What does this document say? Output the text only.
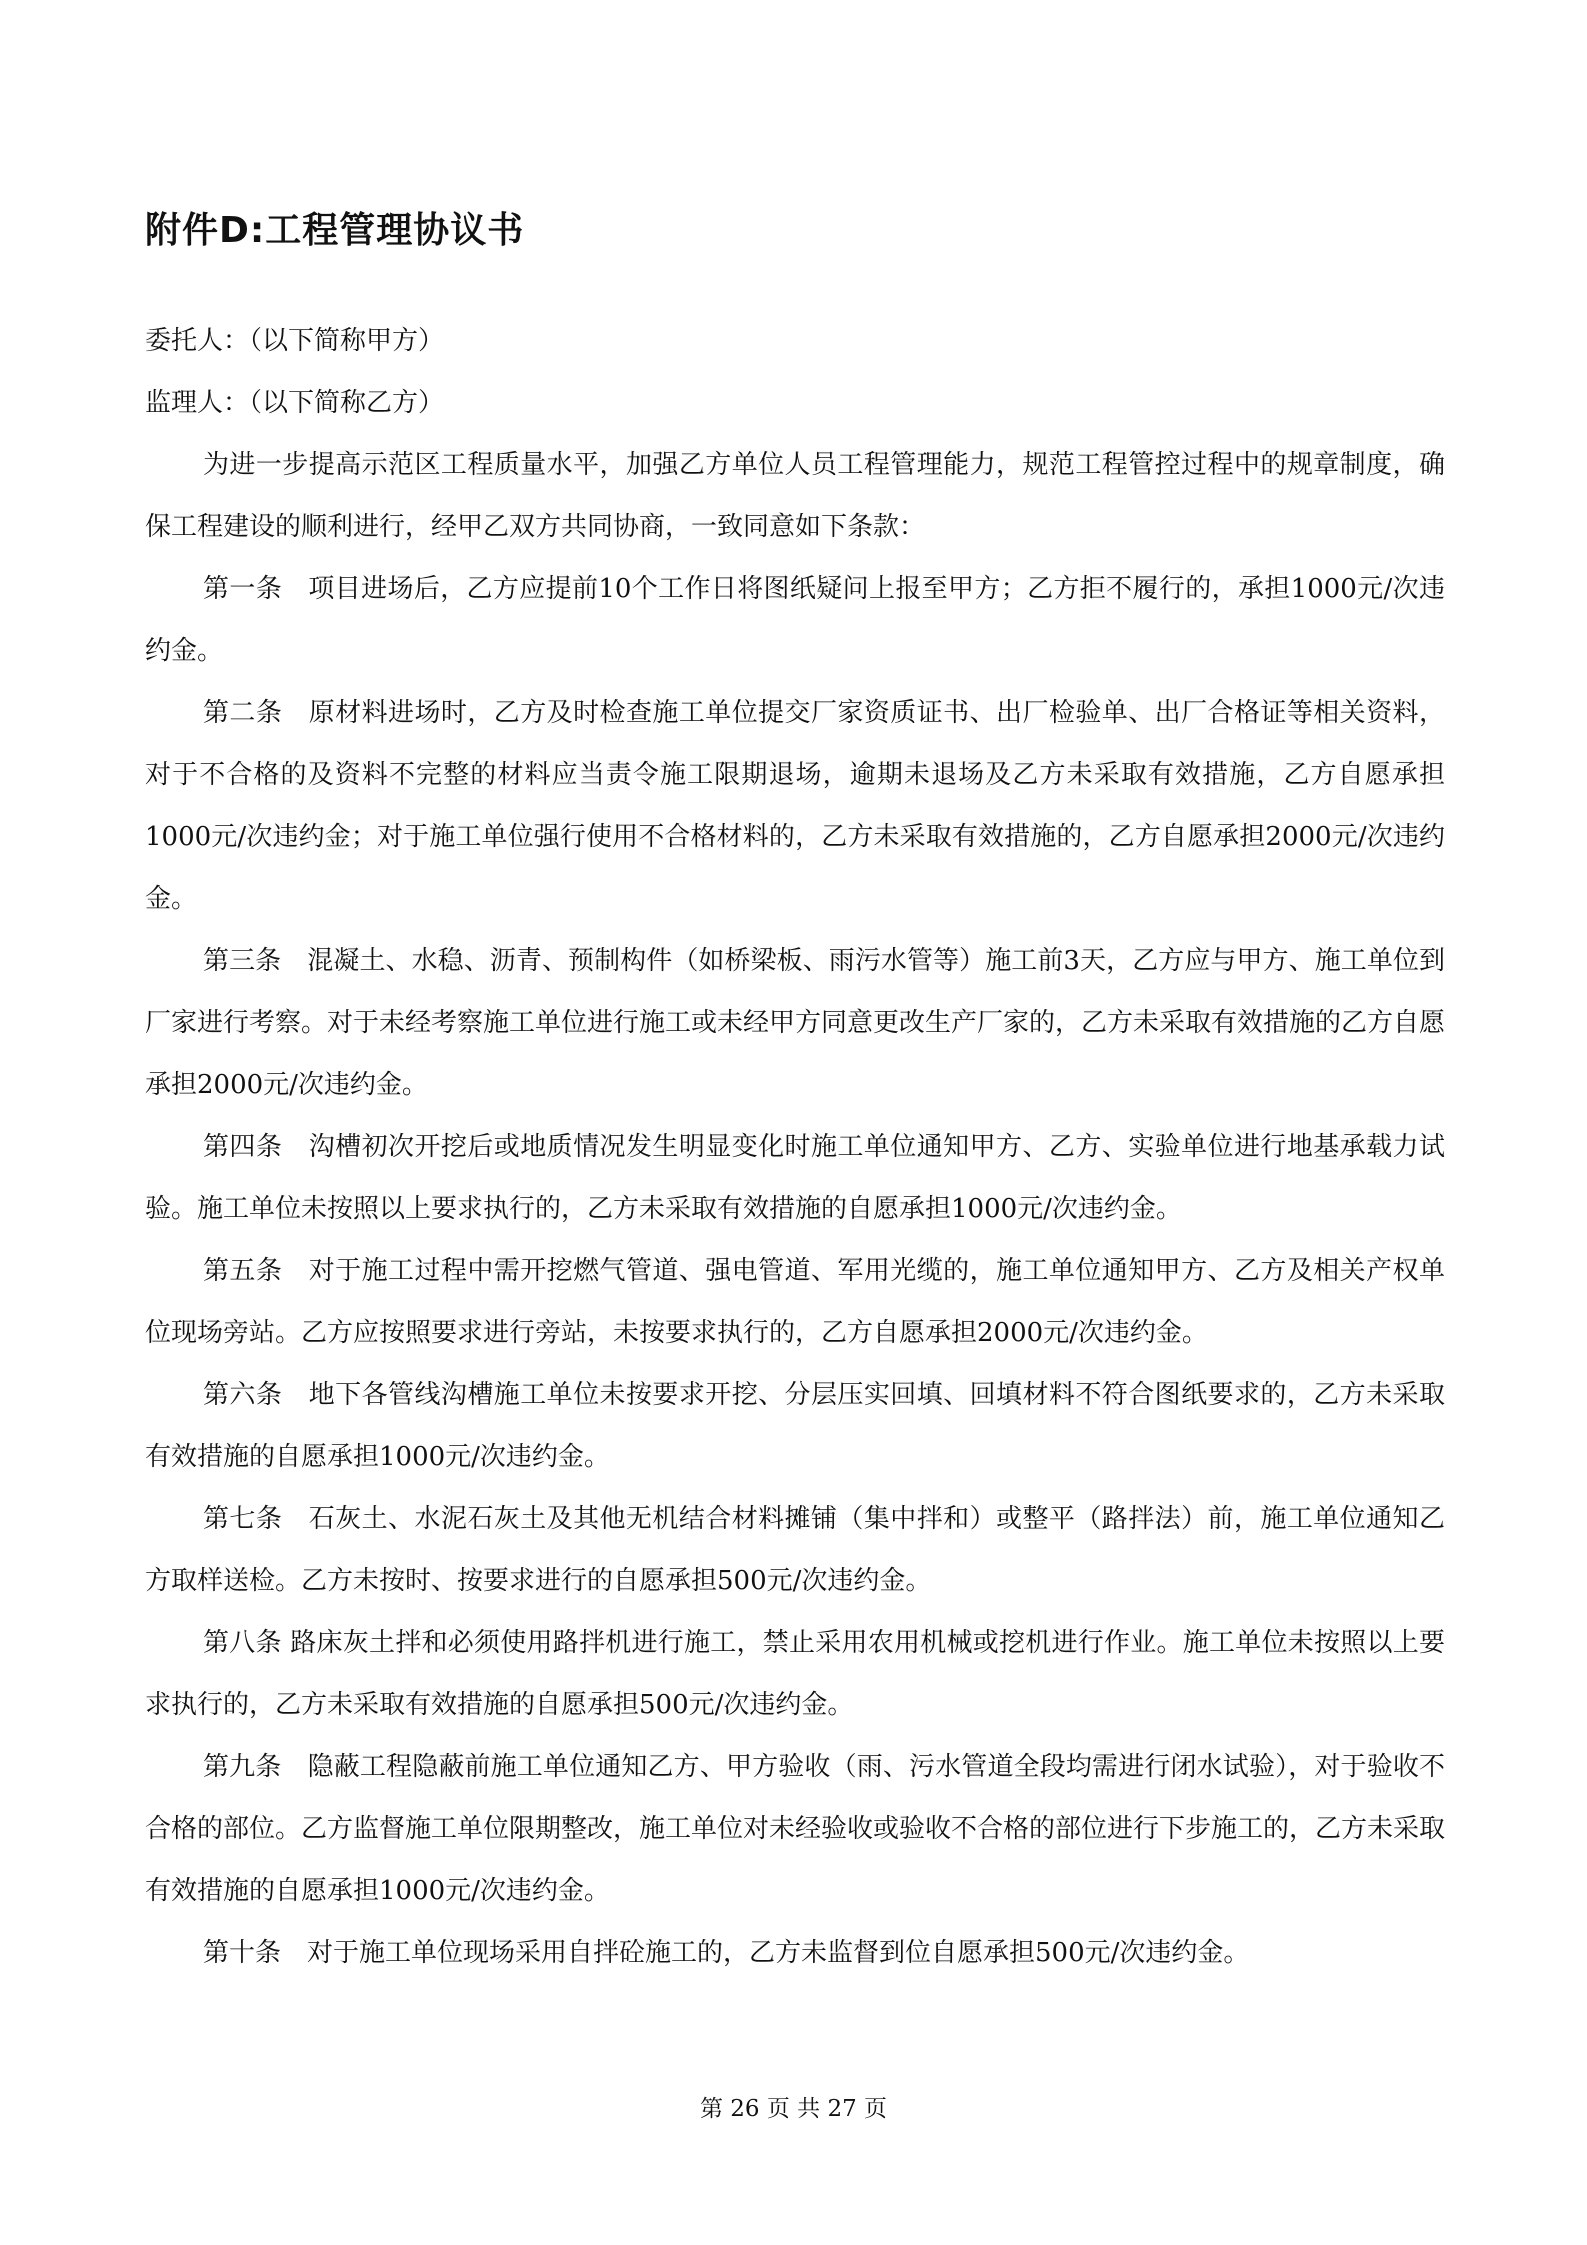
附件D:工程管理协议书

委托人：（以下简称甲方）

监理人：（以下简称乙方）

为进一步提高示范区工程质量水平，加强乙方单位人员工程管理能力，规范工程管控过程中的规章制度，确保工程建设的顺利进行，经甲乙双方共同协商，一致同意如下条款：

第一条　项目进场后，乙方应提前10个工作日将图纸疑问上报至甲方；乙方拒不履行的，承担1000元/次违约金。

第二条　原材料进场时，乙方及时检查施工单位提交厂家资质证书、出厂检验单、出厂合格证等相关资料，对于不合格的及资料不完整的材料应当责令施工限期退场，逾期未退场及乙方未采取有效措施，乙方自愿承担1000元/次违约金；对于施工单位强行使用不合格材料的，乙方未采取有效措施的，乙方自愿承担2000元/次违约金。

第三条　混凝土、水稳、沥青、预制构件（如桥梁板、雨污水管等）施工前3天，乙方应与甲方、施工单位到厂家进行考察。对于未经考察施工单位进行施工或未经甲方同意更改生产厂家的，乙方未采取有效措施的乙方自愿承担2000元/次违约金。

第四条　沟槽初次开挖后或地质情况发生明显变化时施工单位通知甲方、乙方、实验单位进行地基承载力试验。施工单位未按照以上要求执行的，乙方未采取有效措施的自愿承担1000元/次违约金。

第五条　对于施工过程中需开挖燃气管道、强电管道、军用光缆的，施工单位通知甲方、乙方及相关产权单位现场旁站。乙方应按照要求进行旁站，未按要求执行的，乙方自愿承担2000元/次违约金。

第六条　地下各管线沟槽施工单位未按要求开挖、分层压实回填、回填材料不符合图纸要求的，乙方未采取有效措施的自愿承担1000元/次违约金。

第七条　石灰土、水泥石灰土及其他无机结合材料摊铺（集中拌和）或整平（路拌法）前，施工单位通知乙方取样送检。乙方未按时、按要求进行的自愿承担500元/次违约金。

第八条 路床灰土拌和必须使用路拌机进行施工，禁止采用农用机械或挖机进行作业。施工单位未按照以上要求执行的，乙方未采取有效措施的自愿承担500元/次违约金。

第九条　隐蔽工程隐蔽前施工单位通知乙方、甲方验收（雨、污水管道全段均需进行闭水试验），对于验收不合格的部位。乙方监督施工单位限期整改，施工单位对未经验收或验收不合格的部位进行下步施工的，乙方未采取有效措施的自愿承担1000元/次违约金。

第十条　对于施工单位现场采用自拌砼施工的，乙方未监督到位自愿承担500元/次违约金。

第 26 页 共 27 页
